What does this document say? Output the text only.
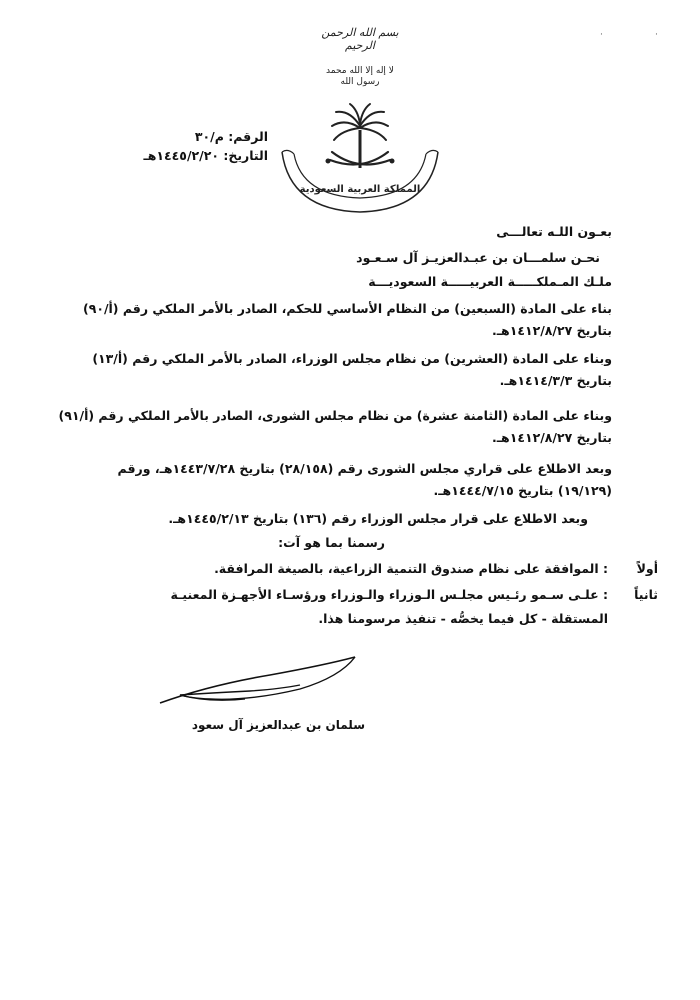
·	·
بسم الله الرحمن الرحيم
لا إله إلا الله محمد رسول الله
المملكة العربية السعودية
الرقم: م/٣٠
التاريخ: ١٤٤٥/٢/٢٠هـ
بعـون اللـه تعالـــى
نحـن سلمـــان بن عبـدالعزيـز آل سـعـود
ملـك المـملكـــــة العربيـــــة السعوديـــة
بناء على المادة (السبعين) من النظام الأساسي للحكم، الصادر بالأمر الملكي رقم (أ/٩٠)
بتاريخ ١٤١٢/٨/٢٧هـ.
وبناء على المادة (العشرين) من نظام مجلس الوزراء، الصادر بالأمر الملكي رقم (أ/١٣)
بتاريخ ١٤١٤/٣/٣هـ.
وبناء على المادة (الثامنة عشرة) من نظام مجلس الشورى، الصادر بالأمر الملكي رقم (أ/٩١)
بتاريخ ١٤١٢/٨/٢٧هـ.
وبعد الاطلاع على قراري مجلس الشورى رقم (٢٨/١٥٨) بتاريخ ١٤٤٣/٧/٢٨هـ، ورقم
(١٩/١٢٩) بتاريخ ١٤٤٤/٧/١٥هـ.
وبعد الاطلاع على قرار مجلس الوزراء رقم (١٣٦) بتاريخ ١٤٤٥/٢/١٣هـ.
رسمنا بما هو آت:
أولاً
: الموافقة على نظام صندوق التنمية الزراعية، بالصيغة المرافقة.
ثانياً
: علـى سـمو رئـيس مجلـس الـوزراء والـوزراء ورؤسـاء الأجهـزة المعنيـة
المستقلة - كل فيما يخصُّه - تنفيذ مرسومنا هذا.
سلمان بن عبدالعزيز آل سعود
